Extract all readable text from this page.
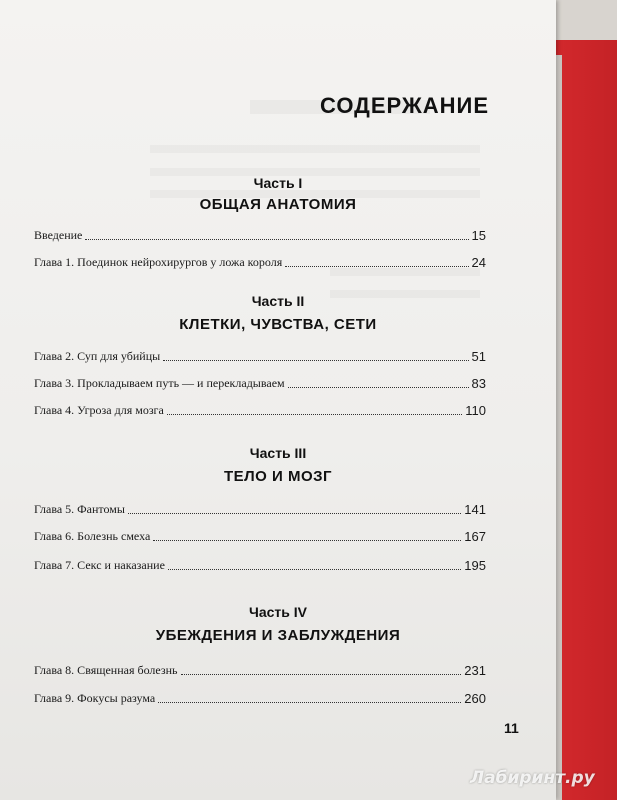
СОДЕРЖАНИЕ
Часть I
ОБЩАЯ АНАТОМИЯ
Введение	15
Глава 1. Поединок нейрохирургов у ложа короля	24
Часть II
КЛЕТКИ, ЧУВСТВА, СЕТИ
Глава 2. Суп для убийцы	51
Глава 3. Прокладываем путь — и перекладываем	83
Глава 4. Угроза для мозга	110
Часть III
ТЕЛО И МОЗГ
Глава 5. Фантомы	141
Глава 6. Болезнь смеха	167
Глава 7. Секс и наказание	195
Часть IV
УБЕЖДЕНИЯ И ЗАБЛУЖДЕНИЯ
Глава 8. Священная болезнь	231
Глава 9. Фокусы разума	260
11
Лабиринт.ру
